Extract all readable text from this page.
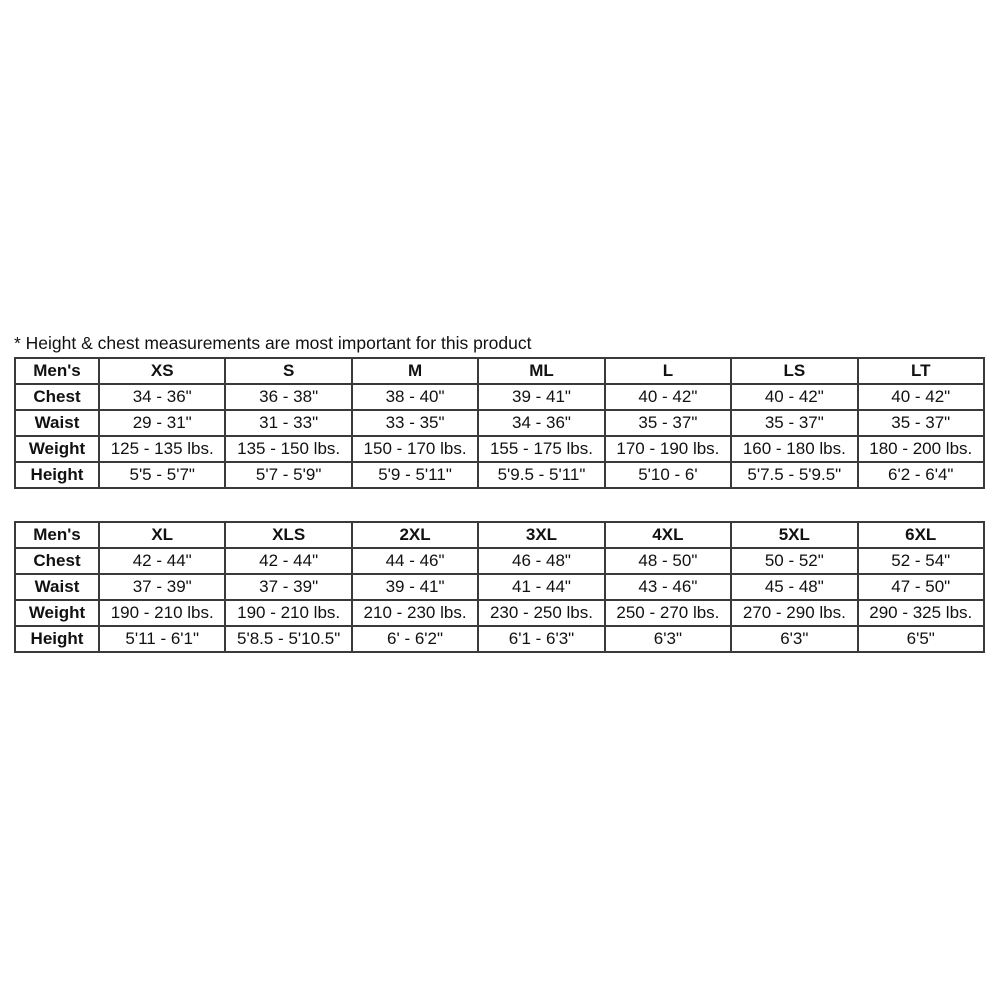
* Height & chest measurements are most important for this product
Men's	XS	S	M	ML	L	LS	LT
Chest	34 - 36"	36 - 38"	38 - 40"	39 - 41"	40 - 42"	40 - 42"	40 - 42"
Waist	29 - 31"	31 - 33"	33 - 35"	34 - 36"	35 - 37"	35 - 37"	35 - 37"
Weight	125 - 135 lbs.	135 - 150 lbs.	150 - 170 lbs.	155 - 175 lbs.	170 - 190 lbs.	160 - 180 lbs.	180 - 200 lbs.
Height	5'5 - 5'7"	5'7 - 5'9"	5'9 - 5'11"	5'9.5 - 5'11"	5'10 - 6'	5'7.5 - 5'9.5"	6'2 - 6'4"
Men's	XL	XLS	2XL	3XL	4XL	5XL	6XL
Chest	42 - 44"	42 - 44"	44 - 46"	46 - 48"	48 - 50"	50 - 52"	52 - 54"
Waist	37 - 39"	37 - 39"	39 - 41"	41 - 44"	43 - 46"	45 - 48"	47 - 50"
Weight	190 - 210 lbs.	190 - 210 lbs.	210 - 230 lbs.	230 - 250 lbs.	250 - 270 lbs.	270 - 290 lbs.	290 - 325 lbs.
Height	5'11 - 6'1"	5'8.5 - 5'10.5"	6' - 6'2"	6'1 - 6'3"	6'3"	6'3"	6'5"
